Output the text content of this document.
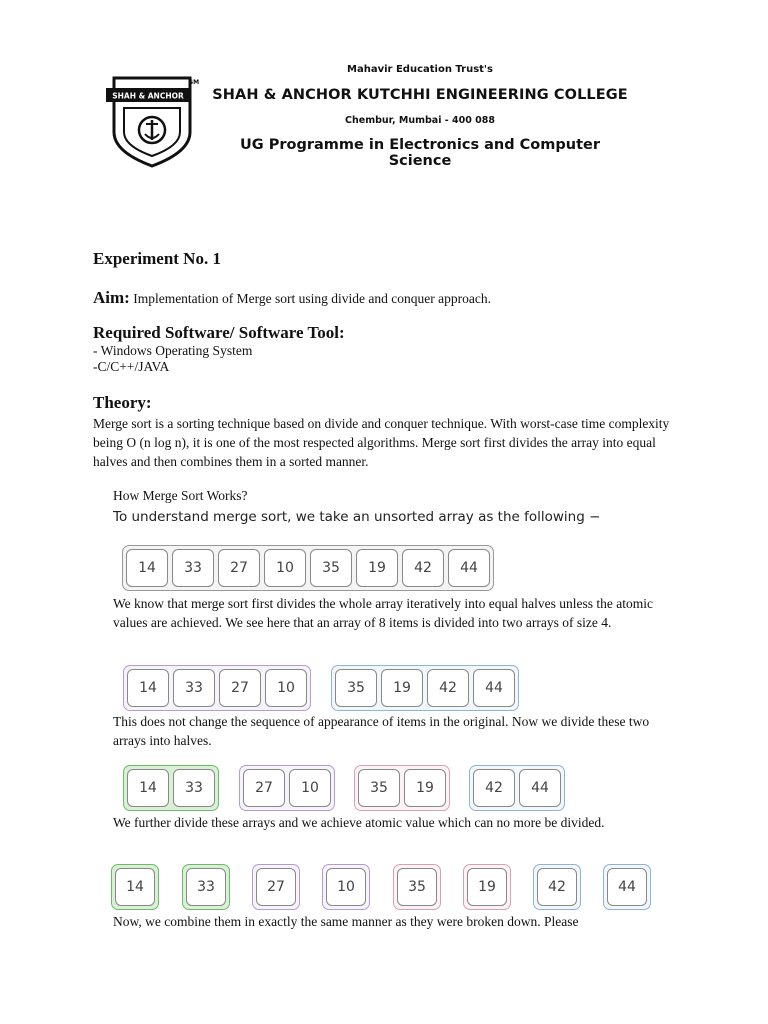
SHAH & ANCHOR
SM
Mahavir Education Trust's
SHAH & ANCHOR KUTCHHI ENGINEERING COLLEGE
Chembur, Mumbai - 400 088
UG Programme in Electronics and Computer Science
Experiment No. 1
Aim: Implementation of Merge sort using divide and conquer approach.
Required Software/ Software Tool:
- Windows Operating System
-C/C++/JAVA
Theory:
Merge sort is a sorting technique based on divide and conquer technique. With worst-case time complexity being Ο (n log n), it is one of the most respected algorithms. Merge sort first divides the array into equal halves and then combines them in a sorted manner.
How Merge Sort Works?
To understand merge sort, we take an unsorted array as the following −
14	33	27	10	35	19	42	44
We know that merge sort first divides the whole array iteratively into equal halves unless the atomic values are achieved. We see here that an array of 8 items is divided into two arrays of size 4.
14	33	27	10	35	19	42	44
This does not change the sequence of appearance of items in the original. Now we divide these two arrays into halves.
14	33	27	10	35	19	42	44
We further divide these arrays and we achieve atomic value which can no more be divided.
14	33	27	10	35	19	42	44
Now, we combine them in exactly the same manner as they were broken down. Please
